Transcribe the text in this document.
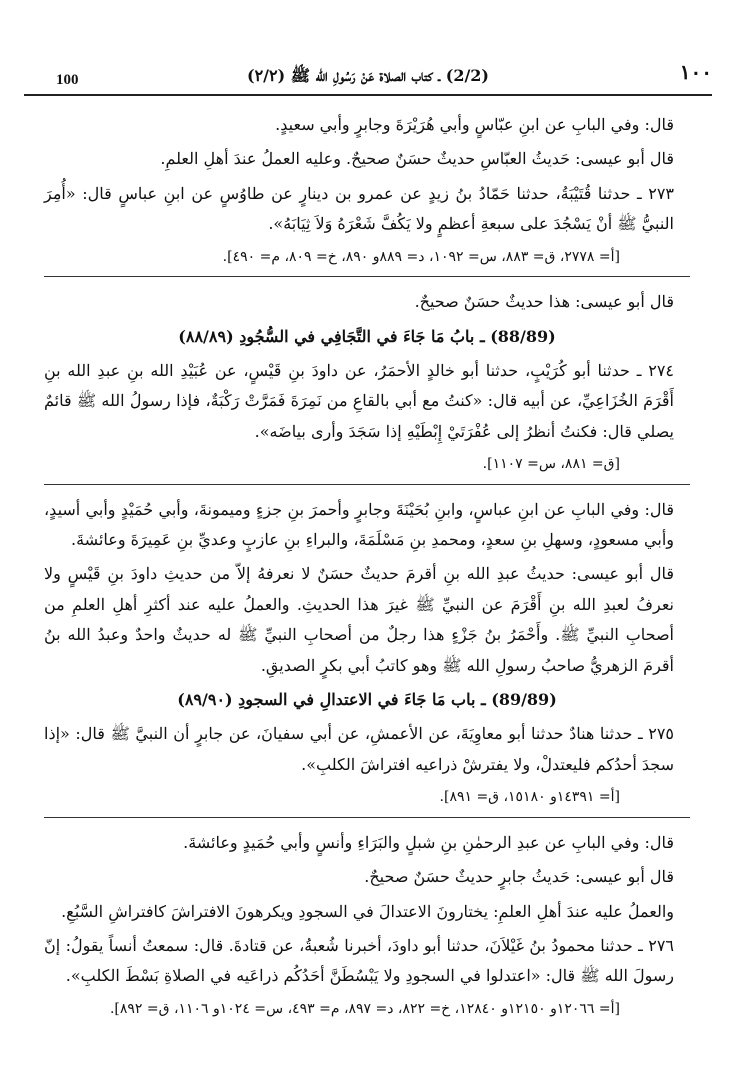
100	(2/2) ـ كتاب الصلاة عَنْ رَسُولِ الله ﷺ (٢/٢)	١٠٠

قال: وفي البابِ عن ابنِ عبّاسٍ وأبي هُرَيْرَةَ وجابرٍ وأبي سعيدٍ.

قال أبو عيسى: حَديثُ العبّاسِ حديثٌ حسَنٌ صحيحٌ. وعليه العملُ عندَ أهلِ العلمِ.

٢٧٣ ـ حدثنا قُتَيْبَةُ، حدثنا حَمّادُ بنُ زيدٍ عن عمرو بن دينارٍ عن طاوُسٍ عن ابنِ عباسٍ قال: «أُمِرَ النبيُّ ﷺ أنْ يَسْجُدَ على سبعةِ أعظمٍ ولا يَكُفَّ شَعْرَهُ وَلاَ ثِيَابَهُ».

[أ= ٢٧٧٨، ق= ٨٨٣، س= ١٠٩٢، د= ٨٨٩و ٨٩٠، خ= ٨٠٩، م= ٤٩٠].

قال أبو عيسى: هذا حديثٌ حسَنٌ صحيحٌ.

(88/89) ـ بابُ مَا جَاءَ في التَّجَافِي في السُّجُودِ (٨٨/٨٩)

٢٧٤ ـ حدثنا أبو كُرَيْبٍ، حدثنا أبو خالدٍ الأحمَرُ، عن داودَ بنِ قَيْسٍ، عن عُبَيْدِ الله بنِ عبدِ الله بنِ أَقْرَمَ الخُزَاعِيِّ، عن أبيه قال: «كنتُ مع أبي بالقاعِ من نَمِرَةَ فَمَرَّتْ رَكْبَةٌ، فإذا رسولُ الله ﷺ قائمٌ يصلي قال: فكنتُ أنظرُ إلى عُفْرَتَيْ إِبْطَيْهِ إذا سَجَدَ وأرى بياضَه».

[ق= ٨٨١، س= ١١٠٧].

قال: وفي البابِ عن ابنِ عباسٍ، وابنِ بُحَيْنَةَ وجابرٍ وأحمرَ بنِ جزءٍ وميمونةَ، وأبي حُمَيْدٍ وأبي أسيدٍ، وأبي مسعودٍ، وسهلِ بنِ سعدٍ، ومحمدِ بنِ مَسْلَمَةَ، والبراءِ بنِ عازبٍ وعديِّ بنِ عَمِيرَةَ وعائشةَ.

قال أبو عيسى: حديثُ عبدِ الله بنِ أقرمَ حديثٌ حسَنٌ لا نعرفهُ إلاّ من حديثِ داودَ بنِ قَيْسٍ ولا نعرفُ لعبدِ الله بنِ أَقْرَمَ عن النبيِّ ﷺ غيرَ هذا الحديثِ. والعملُ عليه عند أكثرِ أهلِ العلمِ من أصحابِ النبيِّ ﷺ. وأَحْمَرُ بنُ جَزْءٍ هذا رجلٌ من أصحابِ النبيِّ ﷺ له حديثٌ واحدٌ وعبدُ الله بنُ أقرمَ الزهريُّ صاحبُ رسولِ الله ﷺ وهو كاتبُ أبي بكرٍ الصديقِ.

(89/89) ـ باب مَا جَاءَ في الاعتدالِ في السجودِ (٨٩/٩٠)

٢٧٥ ـ حدثنا هنادٌ حدثنا أبو معاوِيَةَ، عن الأعمشِ، عن أبي سفيانَ، عن جابرٍ أن النبيَّ ﷺ قال: «إذا سجدَ أحدُكم فليعتدلْ، ولا يفترشْ ذراعيه افتراشَ الكلبِ».

[أ= ١٤٣٩١و ١٥١٨٠، ق= ٨٩١].

قال: وفي البابِ عن عبدِ الرحمٰنِ بنِ شبلٍ والبَرَاءِ وأنسٍ وأبي حُمَيدٍ وعائشةَ.

قال أبو عيسى: حَديثُ جابرٍ حديثٌ حسَنٌ صحيحٌ.

والعملُ عليه عندَ أهلِ العلمِ: يختارونَ الاعتدالَ في السجودِ ويكرهونَ الافتراشَ كافتراشِ السَّبُعِ.

٢٧٦ ـ حدثنا محمودُ بنُ غَيْلاَنَ، حدثنا أبو داودَ، أخبرنا شُعبةُ، عن قتادةَ. قال: سمعتُ أنساً يقولُ: إنّ رسولَ الله ﷺ قال: «اعتدلوا في السجودِ ولا يَبْسُطَنَّ أحَدُكُم ذراعَيه في الصلاةِ بَسْطَ الكلبِ».

[أ= ١٢٠٦٦و ١٢١٥٠و ١٢٨٤٠، خ= ٨٢٢، د= ٨٩٧، م= ٤٩٣، س= ١٠٢٤و ١١٠٦، ق= ٨٩٢].
